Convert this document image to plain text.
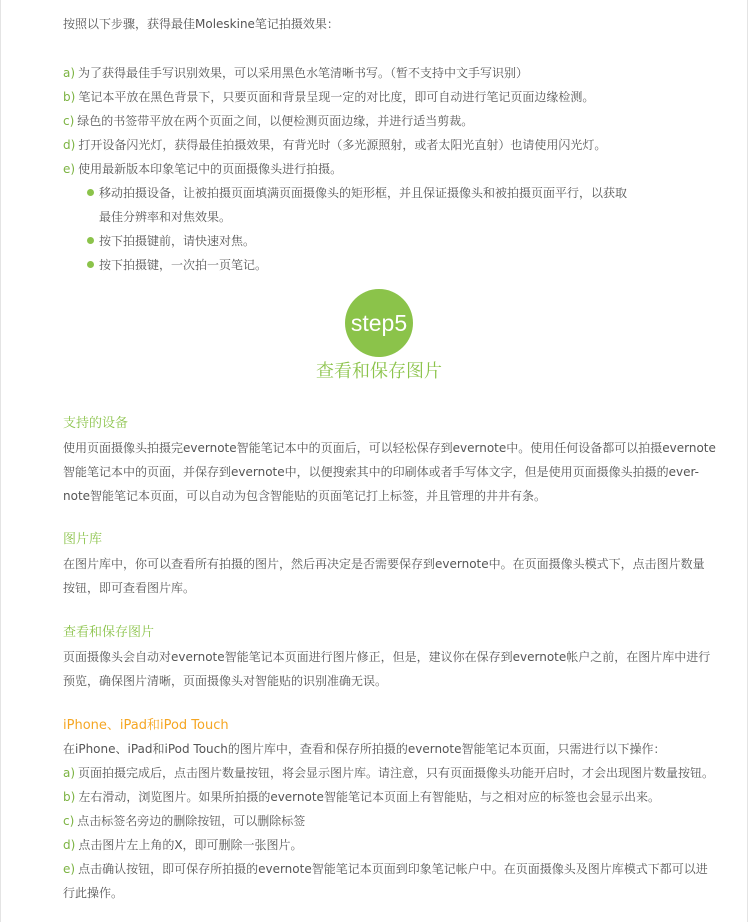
按照以下步骤，获得最佳Moleskine笔记拍摄效果：
a) 为了获得最佳手写识别效果，可以采用黑色水笔清晰书写。（暂不支持中文手写识别）
b) 笔记本平放在黑色背景下，只要页面和背景呈现一定的对比度，即可自动进行笔记页面边缘检测。
c) 绿色的书签带平放在两个页面之间，以便检测页面边缘，并进行适当剪裁。
d) 打开设备闪光灯，获得最佳拍摄效果，有背光时（多光源照射，或者太阳光直射）也请使用闪光灯。
e) 使用最新版本印象笔记中的页面摄像头进行拍摄。
移动拍摄设备，让被拍摄页面填满页面摄像头的矩形框，并且保证摄像头和被拍摄页面平行，以获取
最佳分辨率和对焦效果。
按下拍摄键前，请快速对焦。
按下拍摄键，一次拍一页笔记。
step5
查看和保存图片
支持的设备
使用页面摄像头拍摄完evernote智能笔记本中的页面后，可以轻松保存到evernote中。使用任何设备都可以拍摄evernote
智能笔记本中的页面，并保存到evernote中，以便搜索其中的印刷体或者手写体文字，但是使用页面摄像头拍摄的ever-
note智能笔记本页面，可以自动为包含智能贴的页面笔记打上标签，并且管理的井井有条。
图片库
在图片库中，你可以查看所有拍摄的图片，然后再决定是否需要保存到evernote中。在页面摄像头模式下，点击图片数量
按钮，即可查看图片库。
查看和保存图片
页面摄像头会自动对evernote智能笔记本页面进行图片修正，但是，建议你在保存到evernote帐户之前，在图片库中进行
预览，确保图片清晰，页面摄像头对智能贴的识别准确无误。
iPhone、iPad和iPod Touch
在iPhone、iPad和iPod Touch的图片库中，查看和保存所拍摄的evernote智能笔记本页面，只需进行以下操作：
a) 页面拍摄完成后，点击图片数量按钮，将会显示图片库。请注意，只有页面摄像头功能开启时，才会出现图片数量按钮。
b) 左右滑动，浏览图片。如果所拍摄的evernote智能笔记本页面上有智能贴，与之相对应的标签也会显示出来。
c) 点击标签名旁边的删除按钮，可以删除标签
d) 点击图片左上角的X，即可删除一张图片。
e) 点击确认按钮，即可保存所拍摄的evernote智能笔记本页面到印象笔记帐户中。在页面摄像头及图片库模式下都可以进
行此操作。
